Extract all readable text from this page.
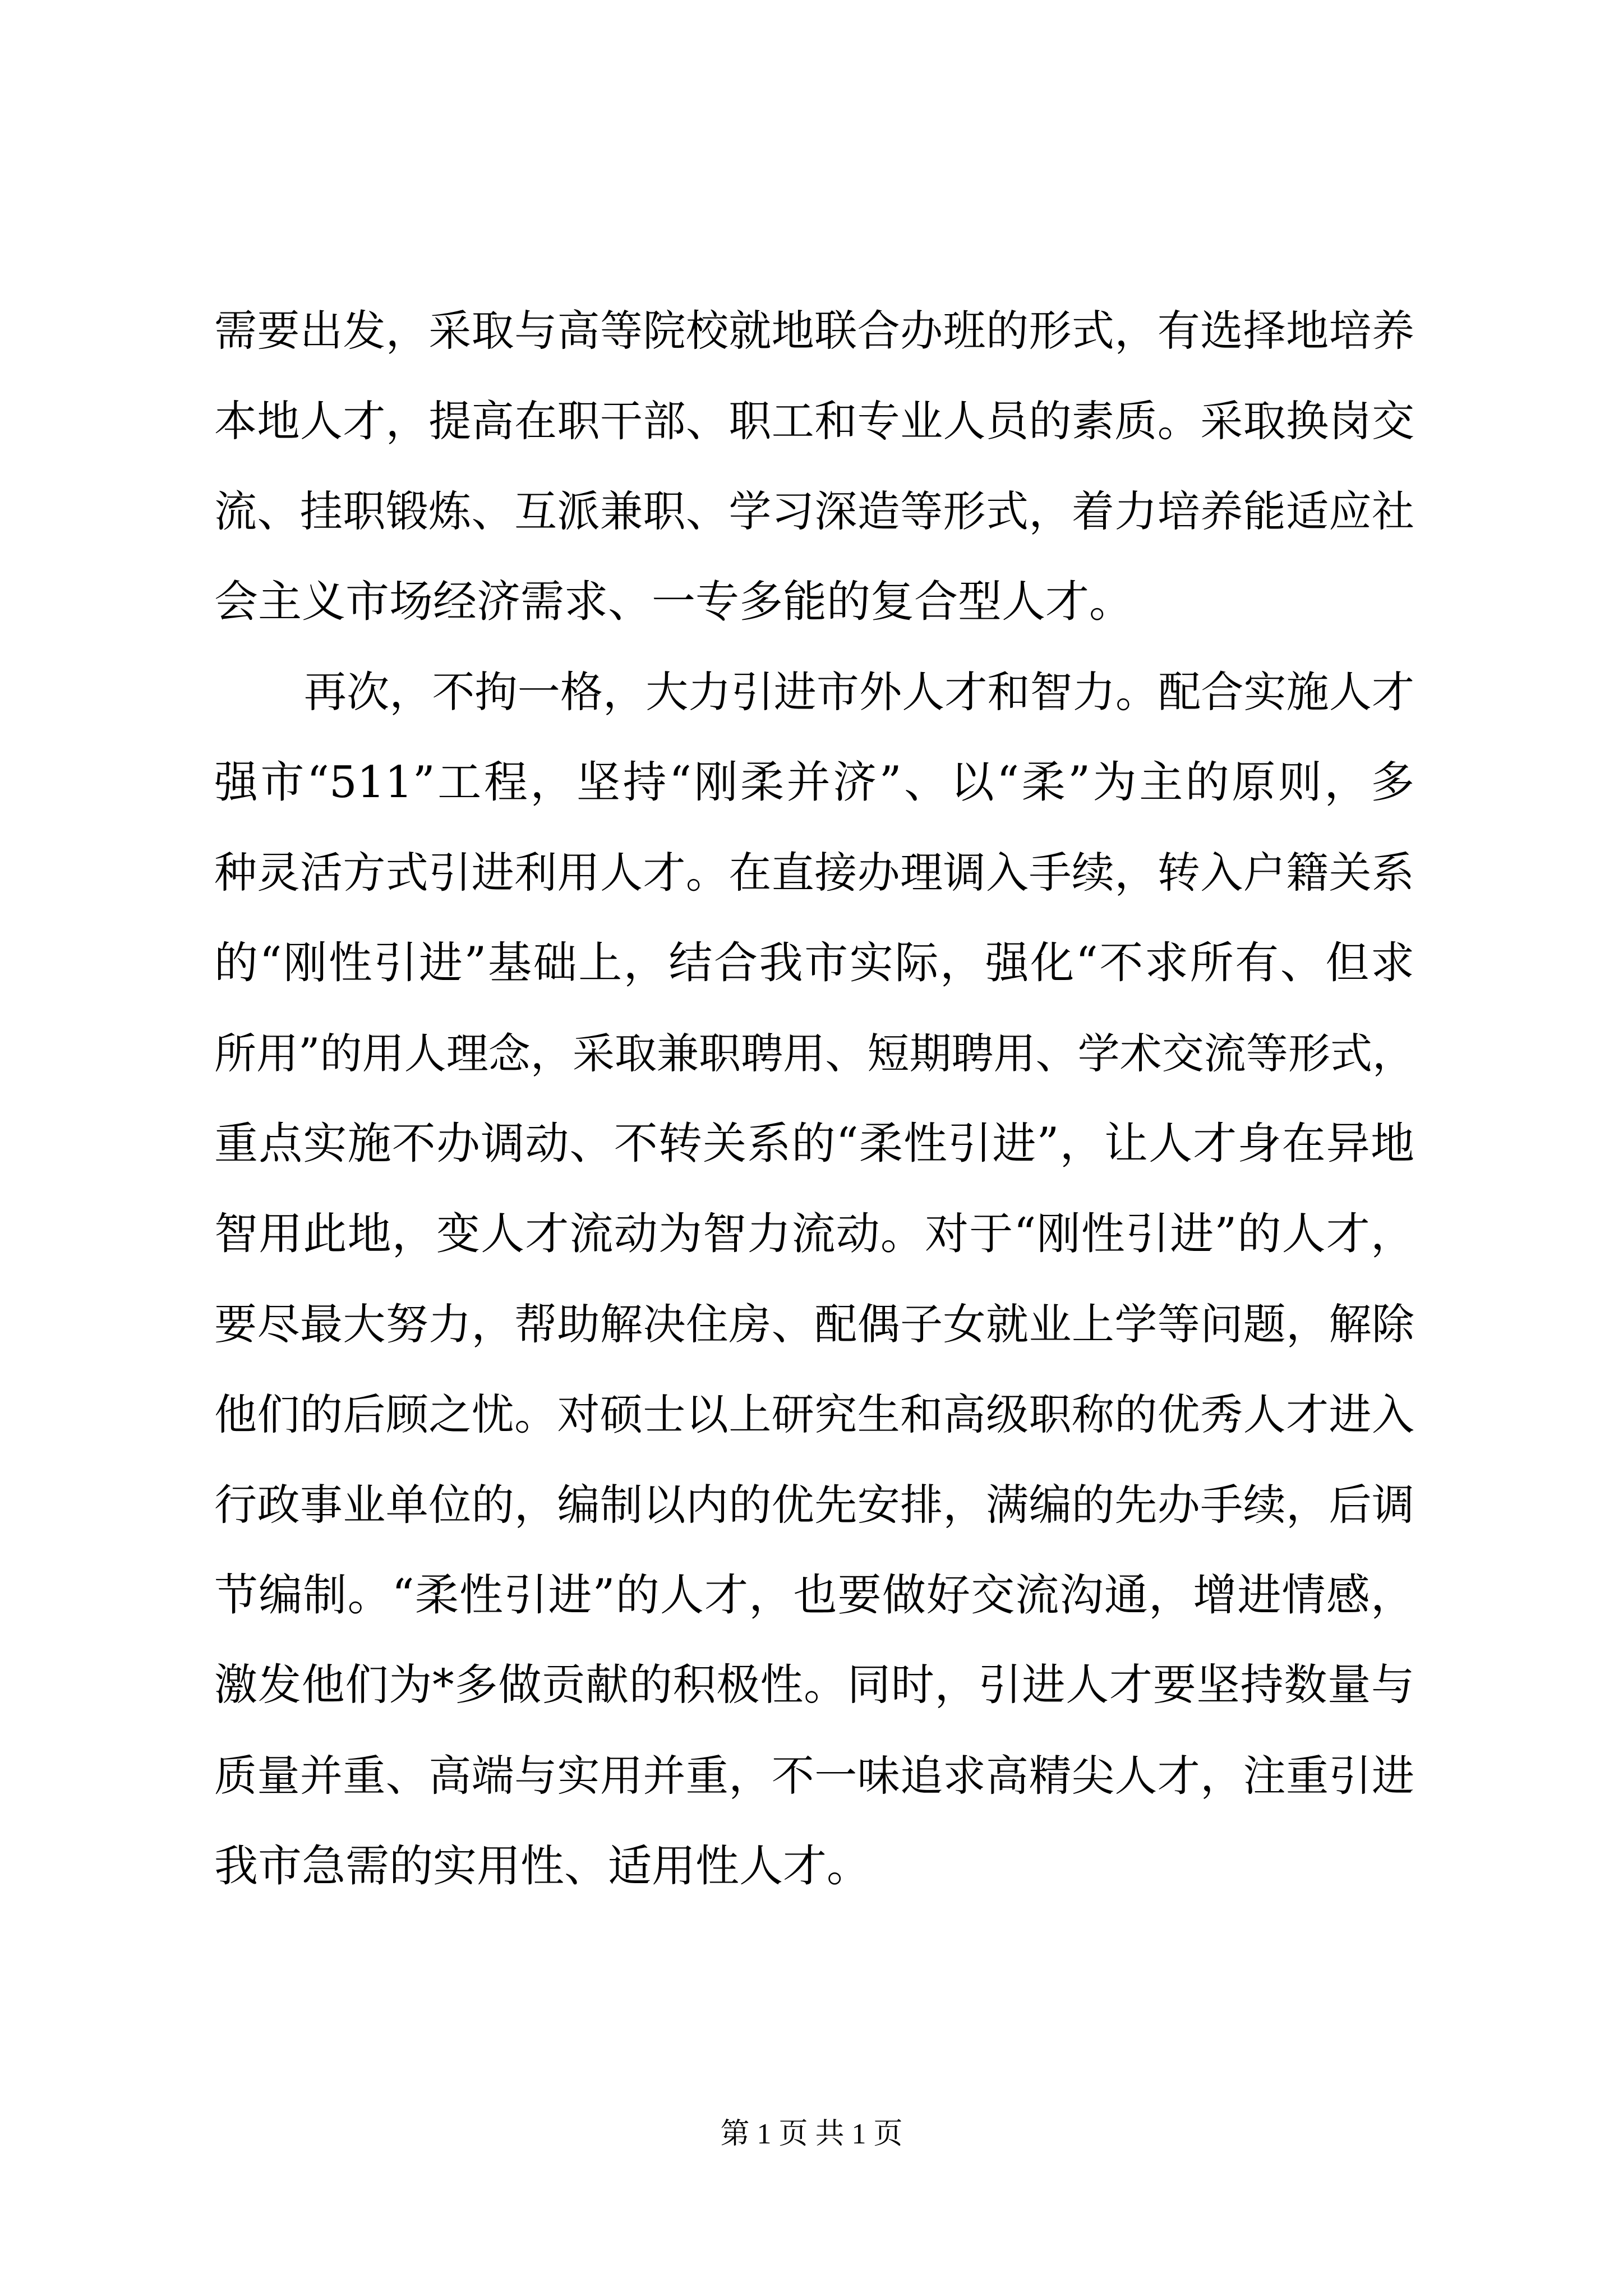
需要出发，采取与高等院校就地联合办班的形式，有选择地培养
本地人才，提高在职干部、职工和专业人员的素质。采取换岗交
流、挂职锻炼、互派兼职、学习深造等形式，着力培养能适应社
会主义市场经济需求、一专多能的复合型人才。
再次，不拘一格，大力引进市外人才和智力。配合实施人才
强市“511”工程，坚持“刚柔并济”、以“柔”为主的原则，多
种灵活方式引进利用人才。在直接办理调入手续，转入户籍关系
的“刚性引进”基础上，结合我市实际，强化“不求所有、但求
所用”的用人理念，采取兼职聘用、短期聘用、学术交流等形式，
重点实施不办调动、不转关系的“柔性引进”，让人才身在异地
智用此地，变人才流动为智力流动。对于“刚性引进”的人才，
要尽最大努力，帮助解决住房、配偶子女就业上学等问题，解除
他们的后顾之忧。对硕士以上研究生和高级职称的优秀人才进入
行政事业单位的，编制以内的优先安排，满编的先办手续，后调
节编制。“柔性引进”的人才，也要做好交流沟通，增进情感，
激发他们为*多做贡献的积极性。同时，引进人才要坚持数量与
质量并重、高端与实用并重，不一味追求高精尖人才，注重引进
我市急需的实用性、适用性人才。
第 1 页 共 1 页
